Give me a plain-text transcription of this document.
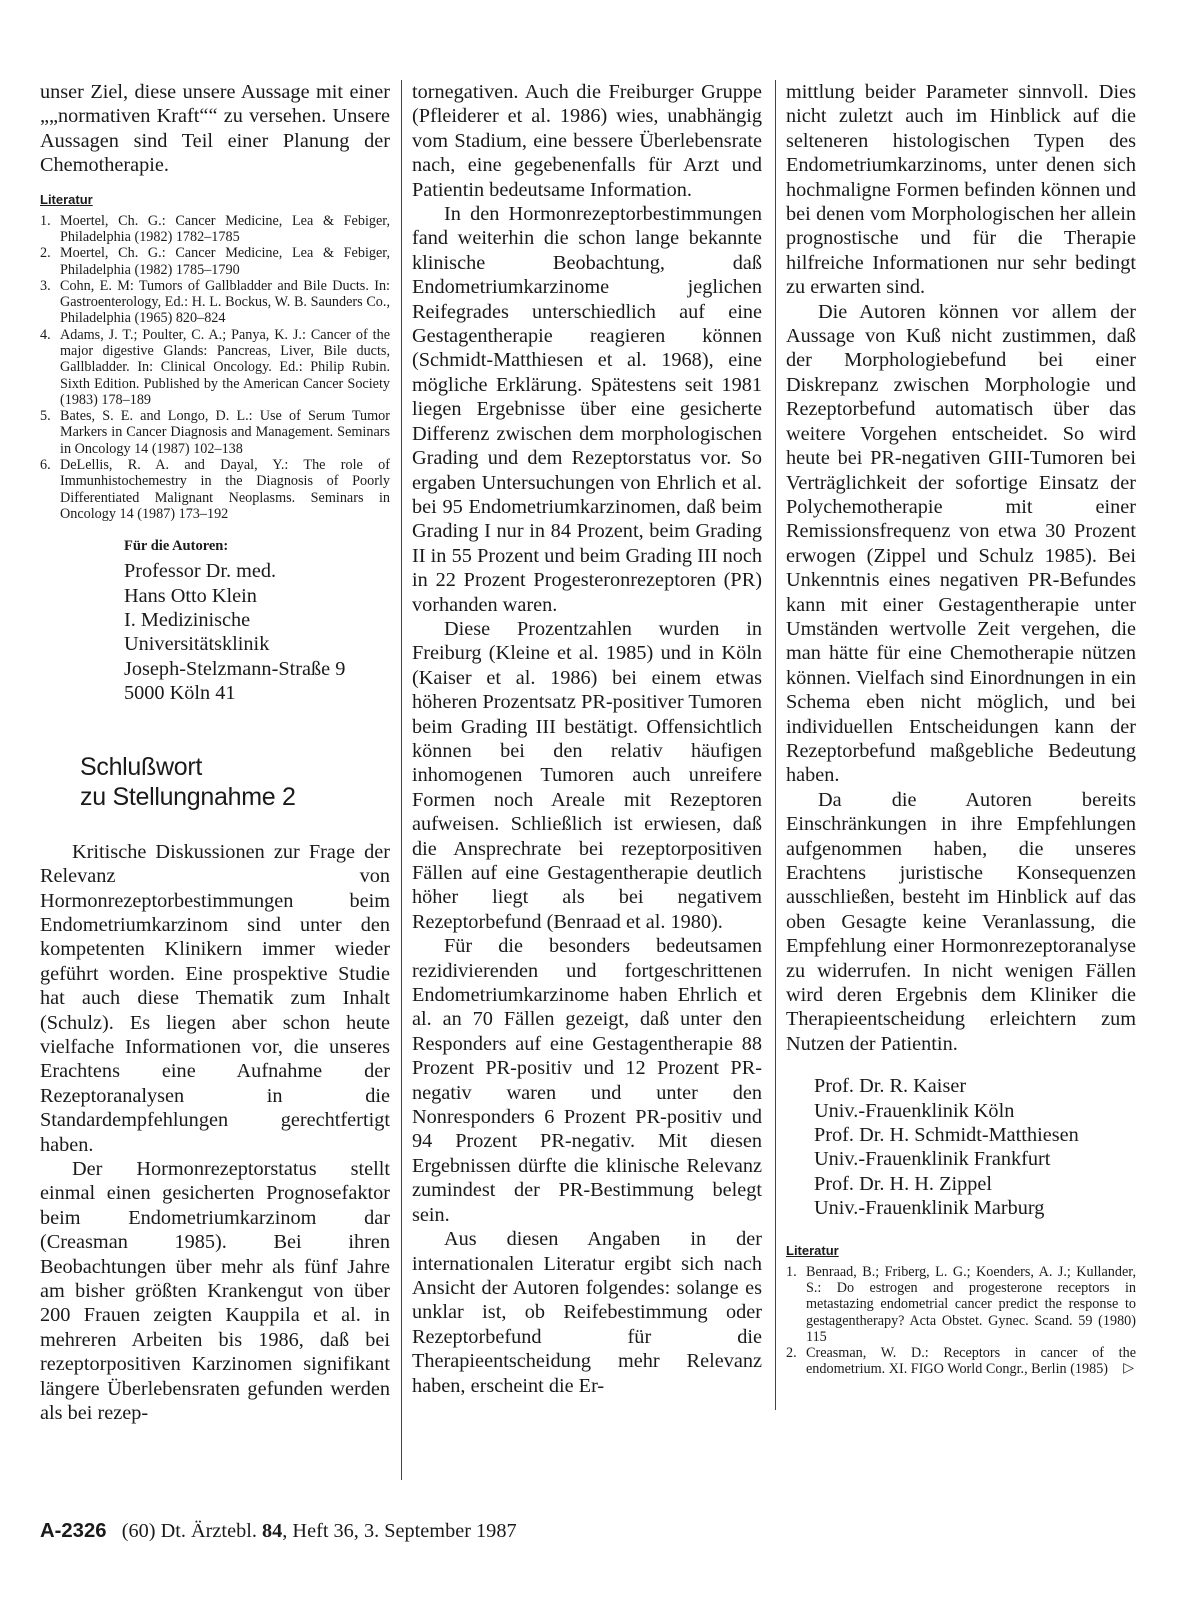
unser Ziel, diese unsere Aussage mit einer „„normativen Kraft““ zu versehen. Unsere Aussagen sind Teil einer Planung der Chemotherapie.

Literatur
1. Moertel, Ch. G.: Cancer Medicine, Lea & Febiger, Philadelphia (1982) 1782–1785
2. Moertel, Ch. G.: Cancer Medicine, Lea & Febiger, Philadelphia (1982) 1785–1790
3. Cohn, E. M: Tumors of Gallbladder and Bile Ducts. In: Gastroenterology, Ed.: H. L. Bockus, W. B. Saunders Co., Philadelphia (1965) 820–824
4. Adams, J. T.; Poulter, C. A.; Panya, K. J.: Cancer of the major digestive Glands: Pancreas, Liver, Bile ducts, Gallbladder. In: Clinical Oncology. Ed.: Philip Rubin. Sixth Edition. Published by the American Cancer Society (1983) 178–189
5. Bates, S. E. and Longo, D. L.: Use of Serum Tumor Markers in Cancer Diagnosis and Management. Seminars in Oncology 14 (1987) 102–138
6. DeLellis, R. A. and Dayal, Y.: The role of Immunhistochemestry in the Diagnosis of Poorly Differentiated Malignant Neoplasms. Seminars in Oncology 14 (1987) 173–192
Für die Autoren:
Professor Dr. med.
Hans Otto Klein
I. Medizinische
Universitätsklinik
Joseph-Stelzmann-Straße 9
5000 Köln 41
Schlußwort
zu Stellungnahme 2

Kritische Diskussionen zur Frage der Relevanz von Hormonrezeptorbestimmungen beim Endometriumkarzinom sind unter den kompetenten Klinikern immer wieder geführt worden. Eine prospektive Studie hat auch diese Thematik zum Inhalt (Schulz). Es liegen aber schon heute vielfache Informationen vor, die unseres Erachtens eine Aufnahme der Rezeptoranalysen in die Standardempfehlungen gerechtfertigt haben.

Der Hormonrezeptorstatus stellt einmal einen gesicherten Prognosefaktor beim Endometriumkarzinom dar (Creasman 1985). Bei ihren Beobachtungen über mehr als fünf Jahre am bisher größten Krankengut von über 200 Frauen zeigten Kauppila et al. in mehreren Arbeiten bis 1986, daß bei rezeptorpositiven Karzinomen signifikant längere Überlebensraten gefunden werden als bei rezep-

tornegativen. Auch die Freiburger Gruppe (Pfleiderer et al. 1986) wies, unabhängig vom Stadium, eine bessere Überlebensrate nach, eine gegebenenfalls für Arzt und Patientin bedeutsame Information.

In den Hormonrezeptorbestimmungen fand weiterhin die schon lange bekannte klinische Beobachtung, daß Endometriumkarzinome jeglichen Reifegrades unterschiedlich auf eine Gestagentherapie reagieren können (Schmidt-Matthiesen et al. 1968), eine mögliche Erklärung. Spätestens seit 1981 liegen Ergebnisse über eine gesicherte Differenz zwischen dem morphologischen Grading und dem Rezeptorstatus vor. So ergaben Untersuchungen von Ehrlich et al. bei 95 Endometriumkarzinomen, daß beim Grading I nur in 84 Prozent, beim Grading II in 55 Prozent und beim Grading III noch in 22 Prozent Progesteronrezeptoren (PR) vorhanden waren.

Diese Prozentzahlen wurden in Freiburg (Kleine et al. 1985) und in Köln (Kaiser et al. 1986) bei einem etwas höheren Prozentsatz PR-positiver Tumoren beim Grading III bestätigt. Offensichtlich können bei den relativ häufigen inhomogenen Tumoren auch unreifere Formen noch Areale mit Rezeptoren aufweisen. Schließlich ist erwiesen, daß die Ansprechrate bei rezeptorpositiven Fällen auf eine Gestagentherapie deutlich höher liegt als bei negativem Rezeptorbefund (Benraad et al. 1980).

Für die besonders bedeutsamen rezidivierenden und fortgeschrittenen Endometriumkarzinome haben Ehrlich et al. an 70 Fällen gezeigt, daß unter den Responders auf eine Gestagentherapie 88 Prozent PR-positiv und 12 Prozent PR-negativ waren und unter den Nonresponders 6 Prozent PR-positiv und 94 Prozent PR-negativ. Mit diesen Ergebnissen dürfte die klinische Relevanz zumindest der PR-Bestimmung belegt sein.

Aus diesen Angaben in der internationalen Literatur ergibt sich nach Ansicht der Autoren folgendes: solange es unklar ist, ob Reifebestimmung oder Rezeptorbefund für die Therapieentscheidung mehr Relevanz haben, erscheint die Er-

mittlung beider Parameter sinnvoll. Dies nicht zuletzt auch im Hinblick auf die selteneren histologischen Typen des Endometriumkarzinoms, unter denen sich hochmaligne Formen befinden können und bei denen vom Morphologischen her allein prognostische und für die Therapie hilfreiche Informationen nur sehr bedingt zu erwarten sind.

Die Autoren können vor allem der Aussage von Kuß nicht zustimmen, daß der Morphologiebefund bei einer Diskrepanz zwischen Morphologie und Rezeptorbefund automatisch über das weitere Vorgehen entscheidet. So wird heute bei PR-negativen GIII-Tumoren bei Verträglichkeit der sofortige Einsatz der Polychemotherapie mit einer Remissionsfrequenz von etwa 30 Prozent erwogen (Zippel und Schulz 1985). Bei Unkenntnis eines negativen PR-Befundes kann mit einer Gestagentherapie unter Umständen wertvolle Zeit vergehen, die man hätte für eine Chemotherapie nützen können. Vielfach sind Einordnungen in ein Schema eben nicht möglich, und bei individuellen Entscheidungen kann der Rezeptorbefund maßgebliche Bedeutung haben.

Da die Autoren bereits Einschränkungen in ihre Empfehlungen aufgenommen haben, die unseres Erachtens juristische Konsequenzen ausschließen, besteht im Hinblick auf das oben Gesagte keine Veranlassung, die Empfehlung einer Hormonrezeptoranalyse zu widerrufen. In nicht wenigen Fällen wird deren Ergebnis dem Kliniker die Therapieentscheidung erleichtern zum Nutzen der Patientin.

Prof. Dr. R. Kaiser
Univ.-Frauenklinik Köln
Prof. Dr. H. Schmidt-Matthiesen
Univ.-Frauenklinik Frankfurt
Prof. Dr. H. H. Zippel
Univ.-Frauenklinik Marburg
Literatur
1. Benraad, B.; Friberg, L. G.; Koenders, A. J.; Kullander, S.: Do estrogen and progesterone receptors in metastazing endometrial cancer predict the response to gestagentherapy? Acta Obstet. Gynec. Scand. 59 (1980) 115
2. Creasman, W. D.: Receptors in cancer of the endometrium. XI. FIGO World Congr., Berlin (1985) ▷
A-2326 (60) Dt. Ärztebl. 84, Heft 36, 3. September 1987
